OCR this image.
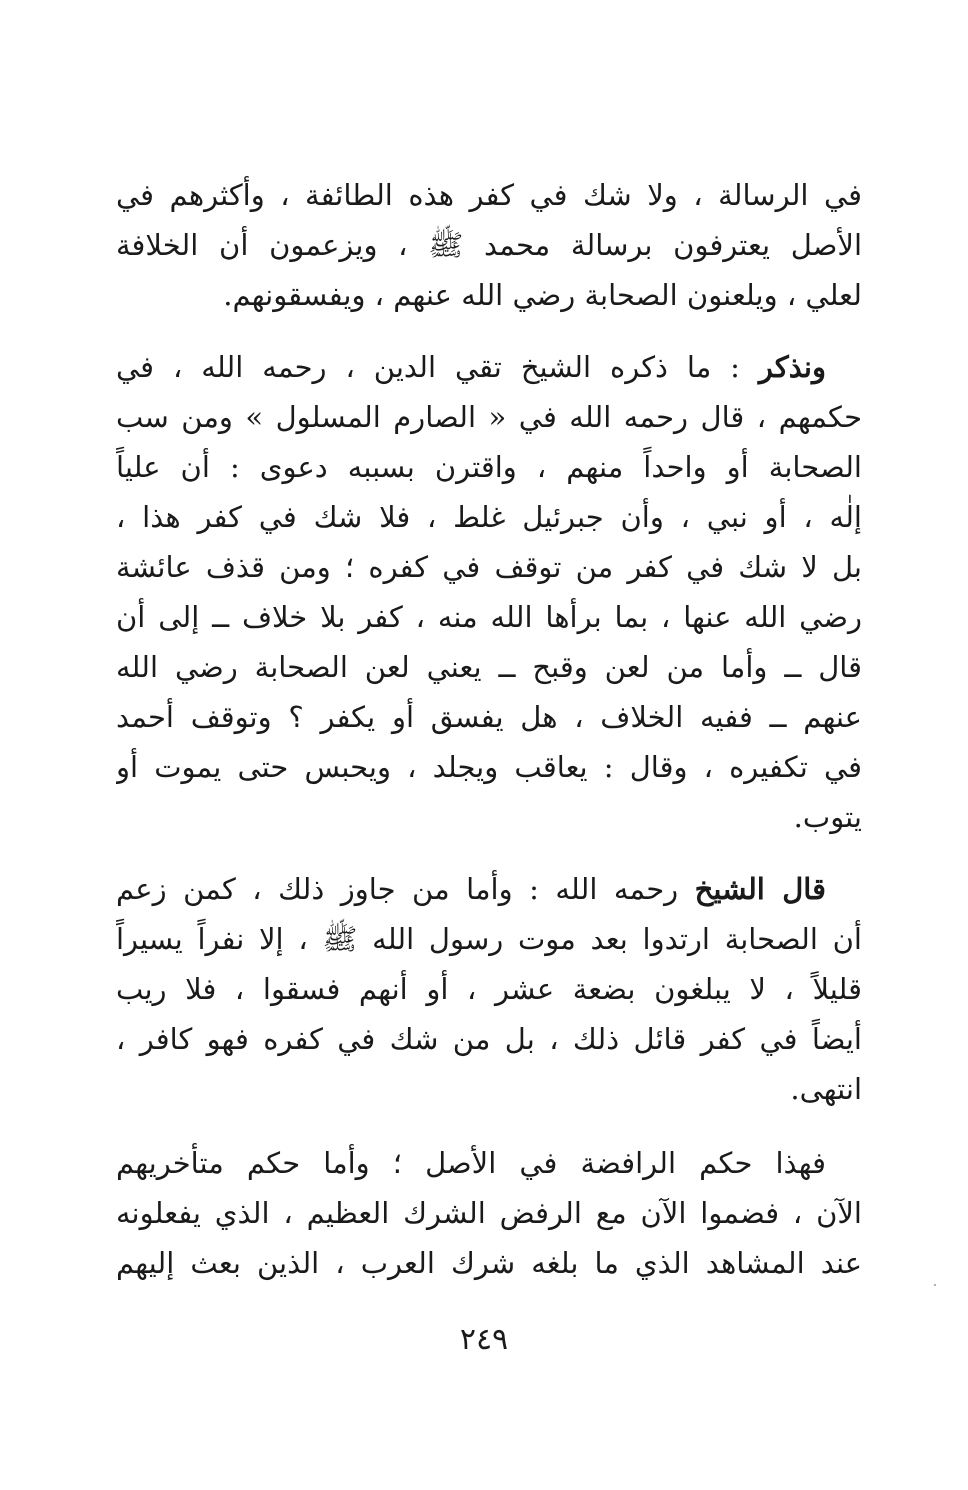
في الرسالة ، ولا شك في كفر هذه الطائفة ، وأكثرهم في
الأصل يعترفون برسالة محمد ﷺ ، ويزعمون أن الخلافة
لعلي ، ويلعنون الصحابة رضي الله عنهم ، ويفسقونهم.
ونذكر : ما ذكره الشيخ تقي الدين ، رحمه الله ، في
حكمهم ، قال رحمه الله في « الصارم المسلول » ومن سب
الصحابة أو واحداً منهم ، واقترن بسببه دعوى : أن علياً
إلٰه ، أو نبي ، وأن جبرئيل غلط ، فلا شك في كفر هذا ،
بل لا شك في كفر من توقف في كفره ؛ ومن قذف عائشة
رضي الله عنها ، بما برأها الله منه ، كفر بلا خلاف ــ إلى أن
قال ــ وأما من لعن وقبح ــ يعني لعن الصحابة رضي الله
عنهم ــ ففيه الخلاف ، هل يفسق أو يكفر ؟ وتوقف أحمد
في تكفيره ، وقال : يعاقب ويجلد ، ويحبس حتى يموت أو
يتوب.
قال الشيخ رحمه الله : وأما من جاوز ذلك ، كمن زعم
أن الصحابة ارتدوا بعد موت رسول الله ﷺ ، إلا نفراً يسيراً
قليلاً ، لا يبلغون بضعة عشر ، أو أنهم فسقوا ، فلا ريب
أيضاً في كفر قائل ذلك ، بل من شك في كفره فهو كافر ،
انتهى.
فهذا حكم الرافضة في الأصل ؛ وأما حكم متأخريهم
الآن ، فضموا الآن مع الرفض الشرك العظيم ، الذي يفعلونه
عند المشاهد الذي ما بلغه شرك العرب ، الذين بعث إليهم
٢٤٩
